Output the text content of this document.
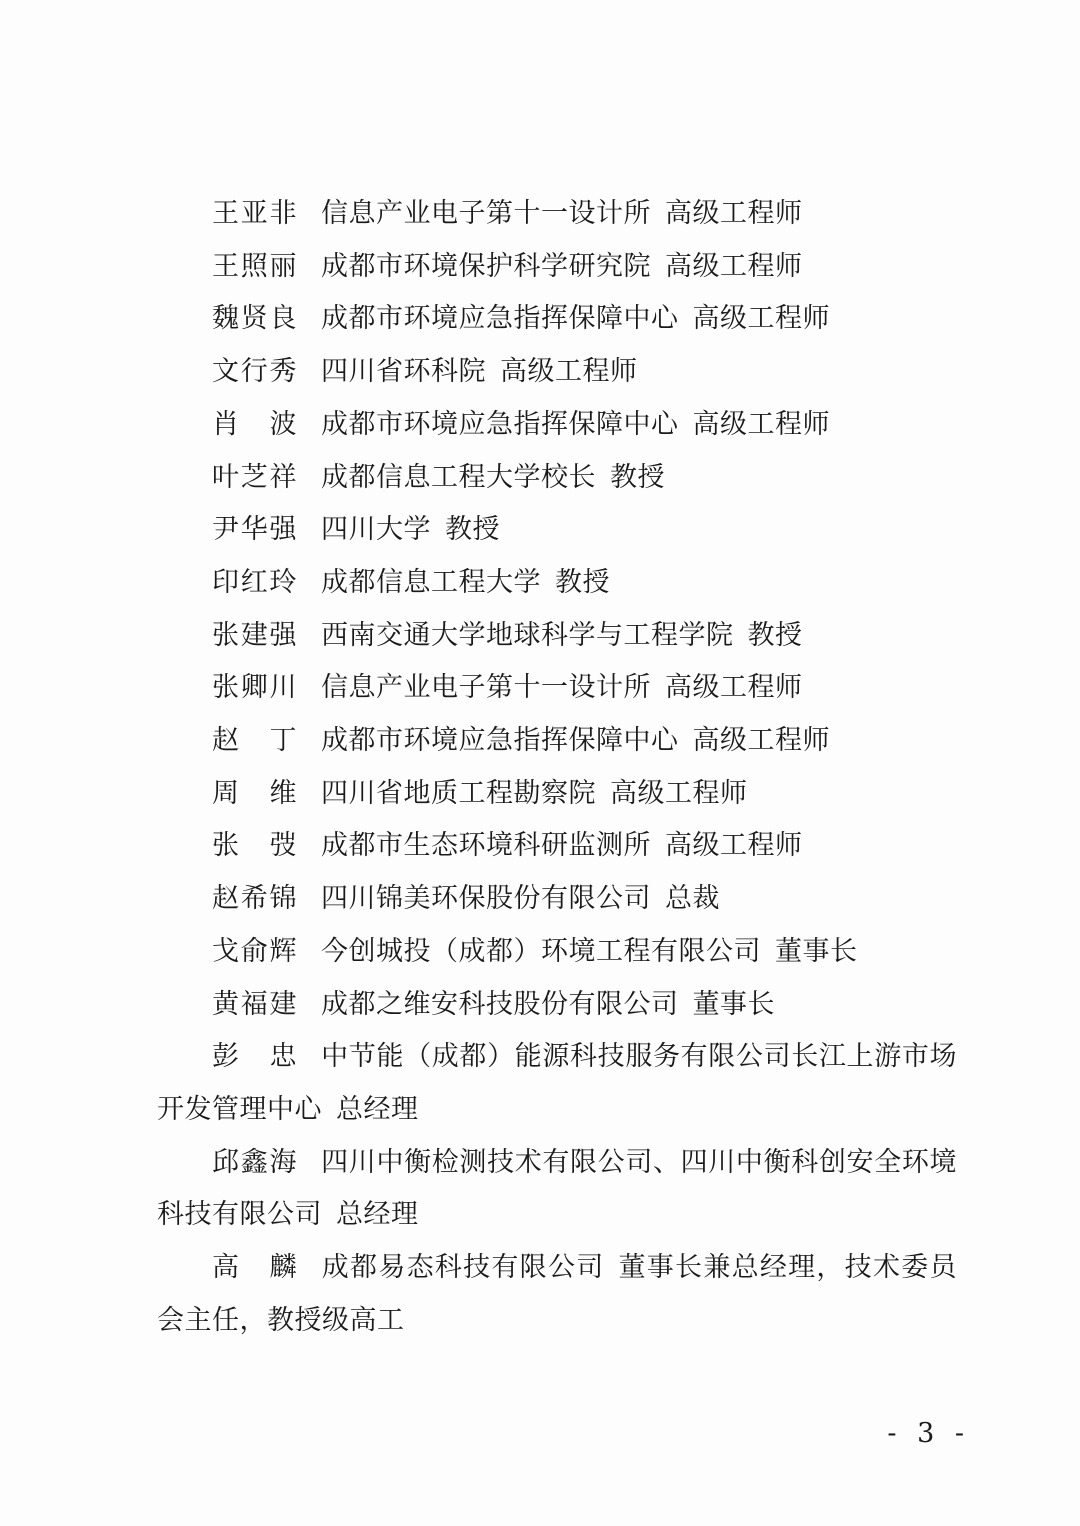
王亚非 信息产业电子第十一设计所 高级工程师

王照丽 成都市环境保护科学研究院 高级工程师

魏贤良 成都市环境应急指挥保障中心 高级工程师

文行秀 四川省环科院 高级工程师

肖 波 成都市环境应急指挥保障中心 高级工程师

叶芝祥 成都信息工程大学校长 教授

尹华强 四川大学 教授

印红玲 成都信息工程大学 教授

张建强 西南交通大学地球科学与工程学院 教授

张卿川 信息产业电子第十一设计所 高级工程师

赵 丁 成都市环境应急指挥保障中心 高级工程师

周 维 四川省地质工程勘察院 高级工程师

张 弢 成都市生态环境科研监测所 高级工程师

赵希锦 四川锦美环保股份有限公司 总裁

戈俞辉 今创城投（成都）环境工程有限公司 董事长

黄福建 成都之维安科技股份有限公司 董事长

彭 忠 中节能（成都）能源科技服务有限公司长江上游市场开发管理中心 总经理

邱鑫海 四川中衡检测技术有限公司、四川中衡科创安全环境科技有限公司 总经理

高 麟 成都易态科技有限公司 董事长兼总经理，技术委员会主任，教授级高工

- 3 -
